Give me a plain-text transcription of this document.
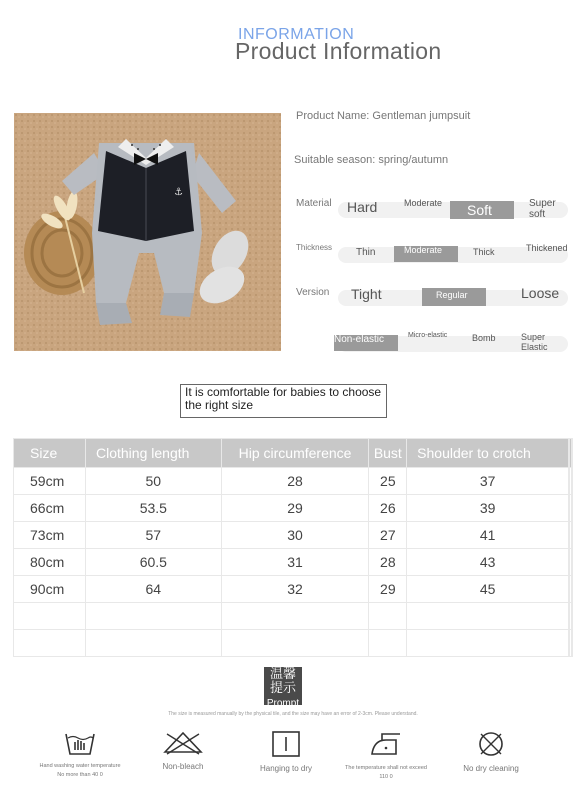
INFORMATION
Product Information
⚓
Product Name: Gentleman jumpsuit
Suitable season: spring/autumn
Material Hard	Moderate Soft	Super soft
Thickness Thin	Moderate	Thick	Thickened
Version Tight	Regular	Loose
Non-elastic	Micro-elastic	Bomb	Super Elastic
It is comfortable for babies to choose the right size
Size	Clothing length	Hip circumference	Bust	Shoulder to crotch			
59cm	50	28	25	37			
66cm	53.5	29	26	39			
73cm	57	30	27	41			
80cm	60.5	31	28	43			
90cm	64	32	29	45			

温馨 提示
Prompt
The size is measured manually by the physical tile, and the size may have an error of 2-3cm. Please understand.
Hand washing water temperature No more than 40 0
Non-bleach	Hanging to dry	The temperature shall not exceed 110 0
No dry cleaning
